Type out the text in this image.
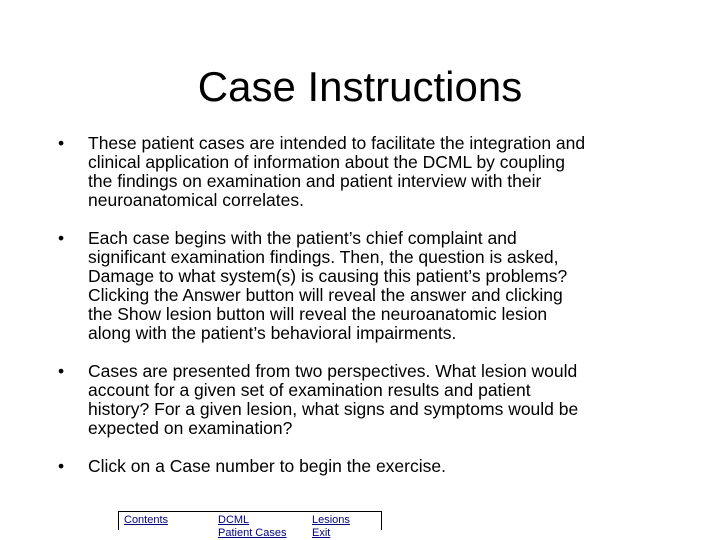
Case Instructions
• These patient cases are intended to facilitate the integration and
clinical application of information about the DCML by coupling
the findings on examination and patient interview with their
neuroanatomical correlates.
• Each case begins with the patient’s chief complaint and
significant examination findings. Then, the question is asked,
Damage to what system(s) is causing this patient’s problems?
Clicking the Answer button will reveal the answer and clicking
the Show lesion button will reveal the neuroanatomic lesion
along with the patient’s behavioral impairments.
• Cases are presented from two perspectives. What lesion would
account for a given set of examination results and patient
history? For a given lesion, what signs and symptoms would be
expected on examination?
• Click on a Case number to begin the exercise.
Contents	DCML
Patient Cases
Lesions
Exit
